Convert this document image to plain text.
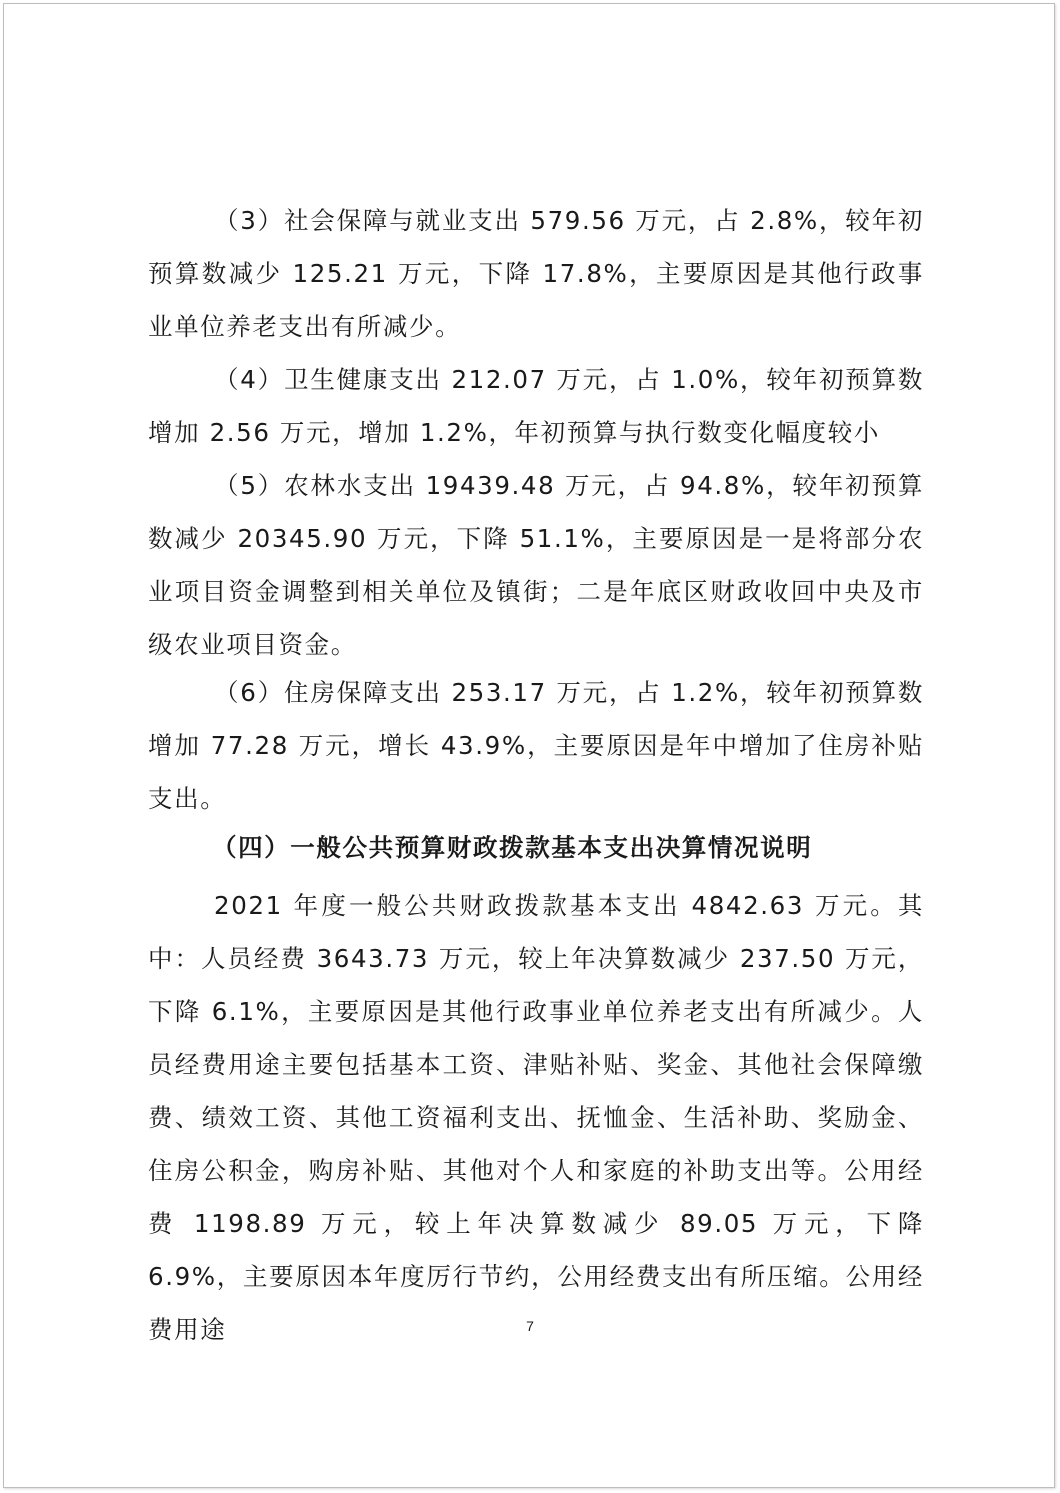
（3）社会保障与就业支出 579.56 万元，占 2.8%，较年初预算数减少 125.21 万元，下降 17.8%，主要原因是其他行政事业单位养老支出有所减少。

（4）卫生健康支出 212.07 万元，占 1.0%，较年初预算数增加 2.56 万元，增加 1.2%，年初预算与执行数变化幅度较小

（5）农林水支出 19439.48 万元，占 94.8%，较年初预算数减少 20345.90 万元，下降 51.1%，主要原因是一是将部分农业项目资金调整到相关单位及镇街；二是年底区财政收回中央及市级农业项目资金。

（6）住房保障支出 253.17 万元，占 1.2%，较年初预算数增加 77.28 万元，增长 43.9%，主要原因是年中增加了住房补贴支出。

（四）一般公共预算财政拨款基本支出决算情况说明

2021 年度一般公共财政拨款基本支出 4842.63 万元。其中：人员经费 3643.73 万元，较上年决算数减少 237.50 万元，下降 6.1%，主要原因是其他行政事业单位养老支出有所减少。人员经费用途主要包括基本工资、津贴补贴、奖金、其他社会保障缴费、绩效工资、其他工资福利支出、抚恤金、生活补助、奖励金、住房公积金，购房补贴、其他对个人和家庭的补助支出等。公用经费 1198.89 万元，较上年决算数减少 89.05 万元，下降 6.9%，主要原因本年度厉行节约，公用经费支出有所压缩。公用经费用途	7
